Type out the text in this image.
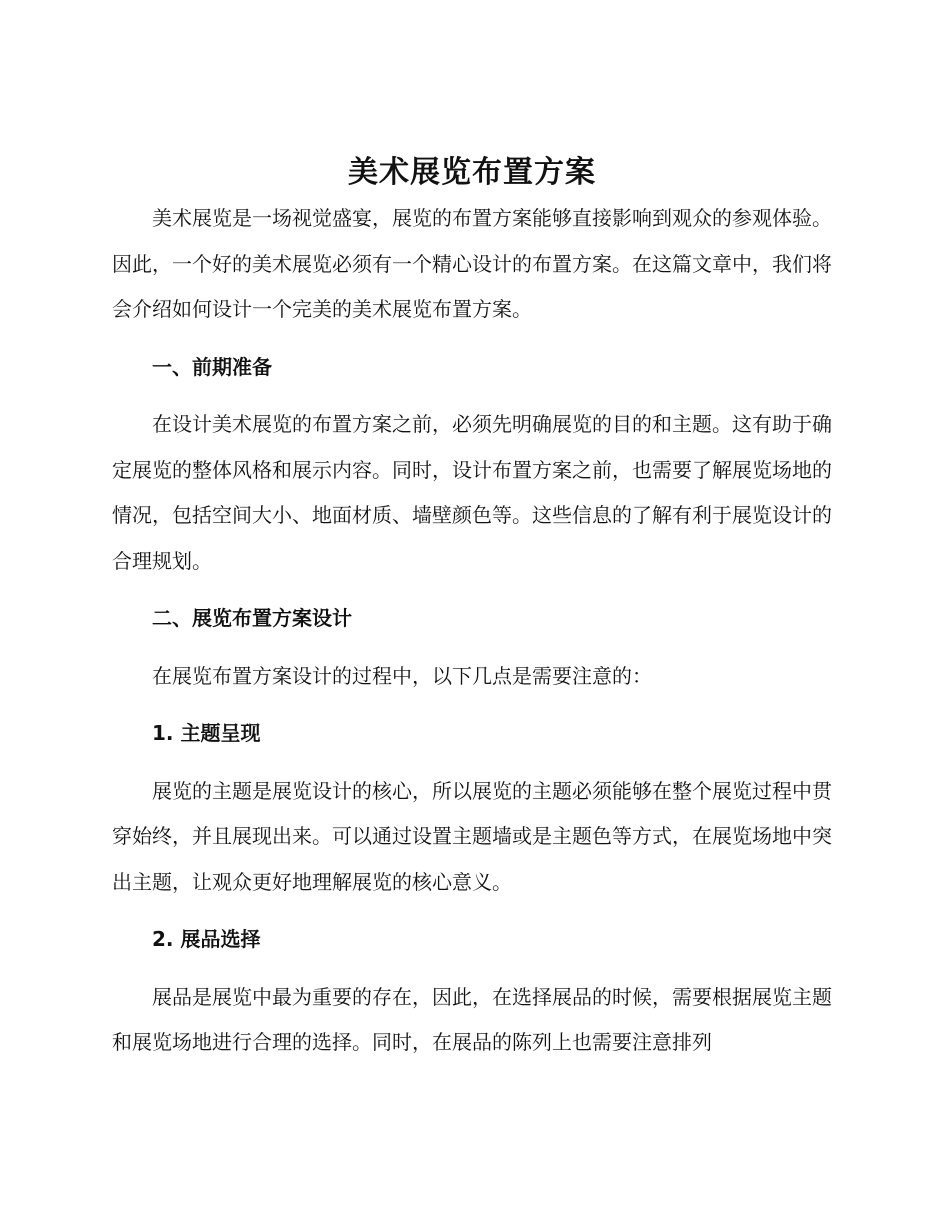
美术展览布置方案

美术展览是一场视觉盛宴，展览的布置方案能够直接影响到观众的参观体验。因此，一个好的美术展览必须有一个精心设计的布置方案。在这篇文章中，我们将会介绍如何设计一个完美的美术展览布置方案。

一、前期准备

在设计美术展览的布置方案之前，必须先明确展览的目的和主题。这有助于确定展览的整体风格和展示内容。同时，设计布置方案之前，也需要了解展览场地的情况，包括空间大小、地面材质、墙壁颜色等。这些信息的了解有利于展览设计的合理规划。

二、展览布置方案设计

在展览布置方案设计的过程中，以下几点是需要注意的：

1. 主题呈现

展览的主题是展览设计的核心，所以展览的主题必须能够在整个展览过程中贯穿始终，并且展现出来。可以通过设置主题墙或是主题色等方式，在展览场地中突出主题，让观众更好地理解展览的核心意义。

2. 展品选择

展品是展览中最为重要的存在，因此，在选择展品的时候，需要根据展览主题和展览场地进行合理的选择。同时，在展品的陈列上也需要注意排列
